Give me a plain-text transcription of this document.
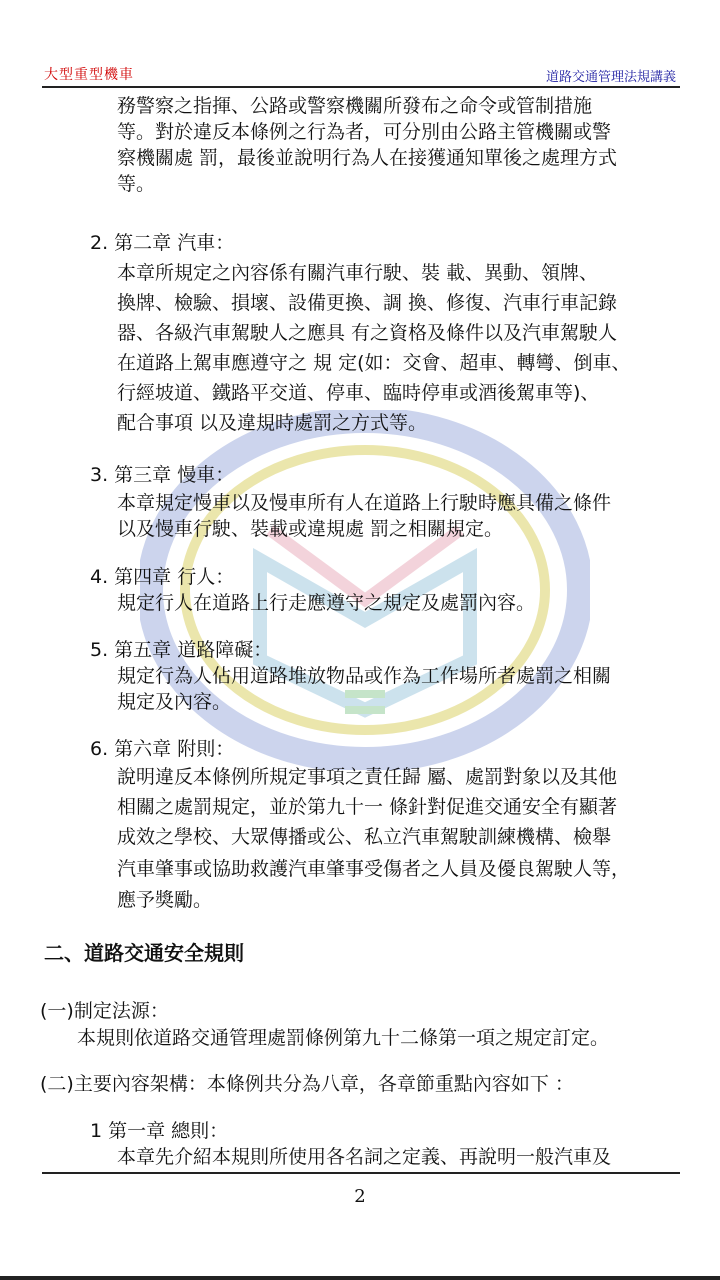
大型重型機車	道路交通管理法規講義
務警察之指揮、公路或警察機關所發布之命令或管制措施
等。對於違反本條例之行為者，可分別由公路主管機關或警
察機關處 罰，最後並說明行為人在接獲通知單後之處理方式
等。
2. 第二章 汽車：
本章所規定之內容係有關汽車行駛、裝 載、異動、領牌、
換牌、檢驗、損壞、設備更換、調 換、修復、汽車行車記錄
器、各級汽車駕駛人之應具 有之資格及條件以及汽車駕駛人
在道路上駕車應遵守之 規 定(如：交會、超車、轉彎、倒車、
行經坡道、鐵路平交道、停車、臨時停車或酒後駕車等)、
配合事項 以及違規時處罰之方式等。
3. 第三章 慢車：
本章規定慢車以及慢車所有人在道路上行駛時應具備之條件
以及慢車行駛、裝載或違規處 罰之相關規定。
4. 第四章 行人：
規定行人在道路上行走應遵守之規定及處罰內容。
5. 第五章 道路障礙：
規定行為人佔用道路堆放物品或作為工作場所者處罰之相關
規定及內容。
6. 第六章 附則：
說明違反本條例所規定事項之責任歸 屬、處罰對象以及其他
相關之處罰規定，並於第九十一 條針對促進交通安全有顯著
成效之學校、大眾傳播或公、私立汽車駕駛訓練機構、檢舉
汽車肇事或協助救護汽車肇事受傷者之人員及優良駕駛人等，
應予獎勵。
二、道路交通安全規則
(一)制定法源：
本規則依道路交通管理處罰條例第九十二條第一項之規定訂定。
(二)主要內容架構：本條例共分為八章，各章節重點內容如下 ：
1 第一章 總則：
本章先介紹本規則所使用各名詞之定義、再說明一般汽車及
2
